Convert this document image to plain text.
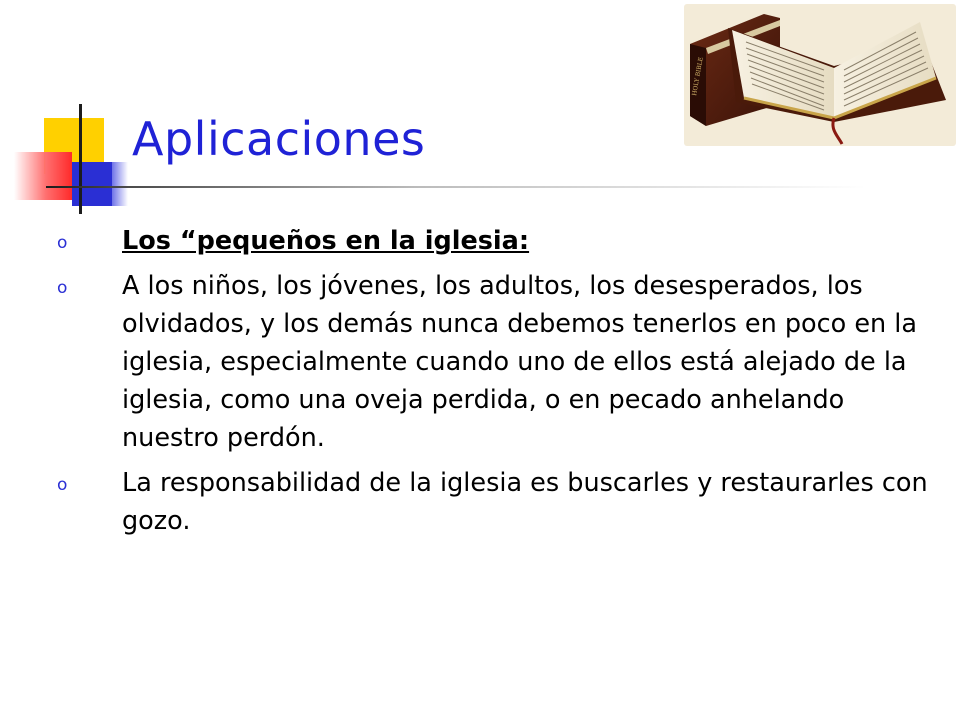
HOLY BIBLE
Aplicaciones
o Los “pequeños en la iglesia:
o A los niños, los jóvenes, los adultos, los desesperados, los olvidados, y los demás nunca debemos tenerlos en poco en la iglesia, especialmente cuando uno de ellos está alejado de la iglesia, como una oveja perdida, o en pecado anhelando nuestro perdón.
o La responsabilidad de la iglesia es buscarles y restaurarles con gozo.
